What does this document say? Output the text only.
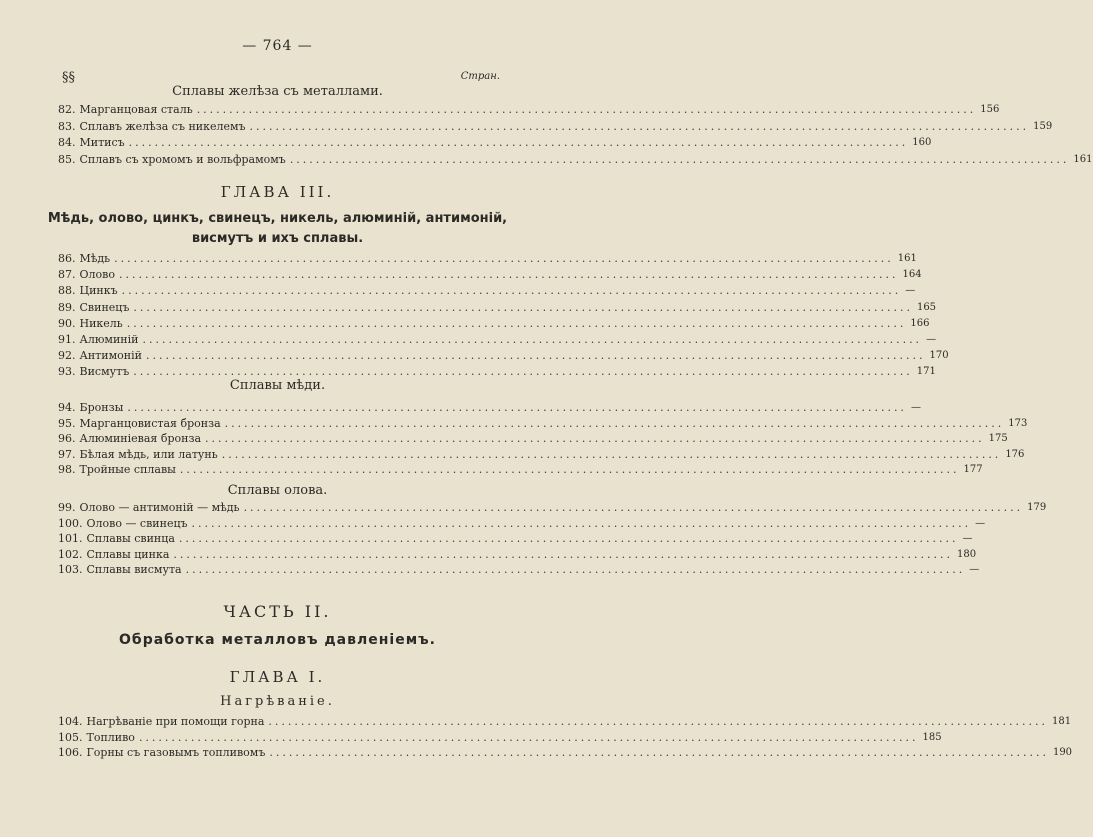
— 764 —
§§	Стран.
Сплавы желѣза съ металлами.
82. Марганцовая сталь ........................................................................................................................ 156
83. Сплавъ желѣза съ никелемъ ........................................................................................................................ 159
84. Митисъ ........................................................................................................................ 160
85. Сплавъ съ хромомъ и вольфрамомъ ........................................................................................................................ 161
ГЛАВА III.
Мѣдь, олово, цинкъ, свинецъ, никель, алюминій, антимоній,
висмутъ и ихъ сплавы.
86. Мѣдь ........................................................................................................................ 161
87. Олово ........................................................................................................................ 164
88. Цинкъ ........................................................................................................................ —
89. Свинецъ ........................................................................................................................ 165
90. Никель ........................................................................................................................ 166
91. Алюминій ........................................................................................................................ —
92. Антимоній ........................................................................................................................ 170
93. Висмутъ ........................................................................................................................ 171
Сплавы мѣди.
94. Бронзы ........................................................................................................................ —
95. Марганцовистая бронза ........................................................................................................................ 173
96. Алюминіевая бронза ........................................................................................................................ 175
97. Бѣлая мѣдь, или латунь ........................................................................................................................ 176
98. Тройные сплавы ........................................................................................................................ 177
Сплавы олова.
99. Олово — антимоній — мѣдь ........................................................................................................................ 179
100. Олово — свинецъ ........................................................................................................................ —
101. Сплавы свинца ........................................................................................................................ —
102. Сплавы цинка ........................................................................................................................ 180
103. Сплавы висмута ........................................................................................................................ —
ЧАСТЬ II.
Обработка металловъ давленіемъ.
ГЛАВА I.
Нагрѣваніе.
104. Нагрѣваніе при помощи горна ........................................................................................................................ 181
105. Топливо ........................................................................................................................ 185
106. Горны съ газовымъ топливомъ ........................................................................................................................ 190
